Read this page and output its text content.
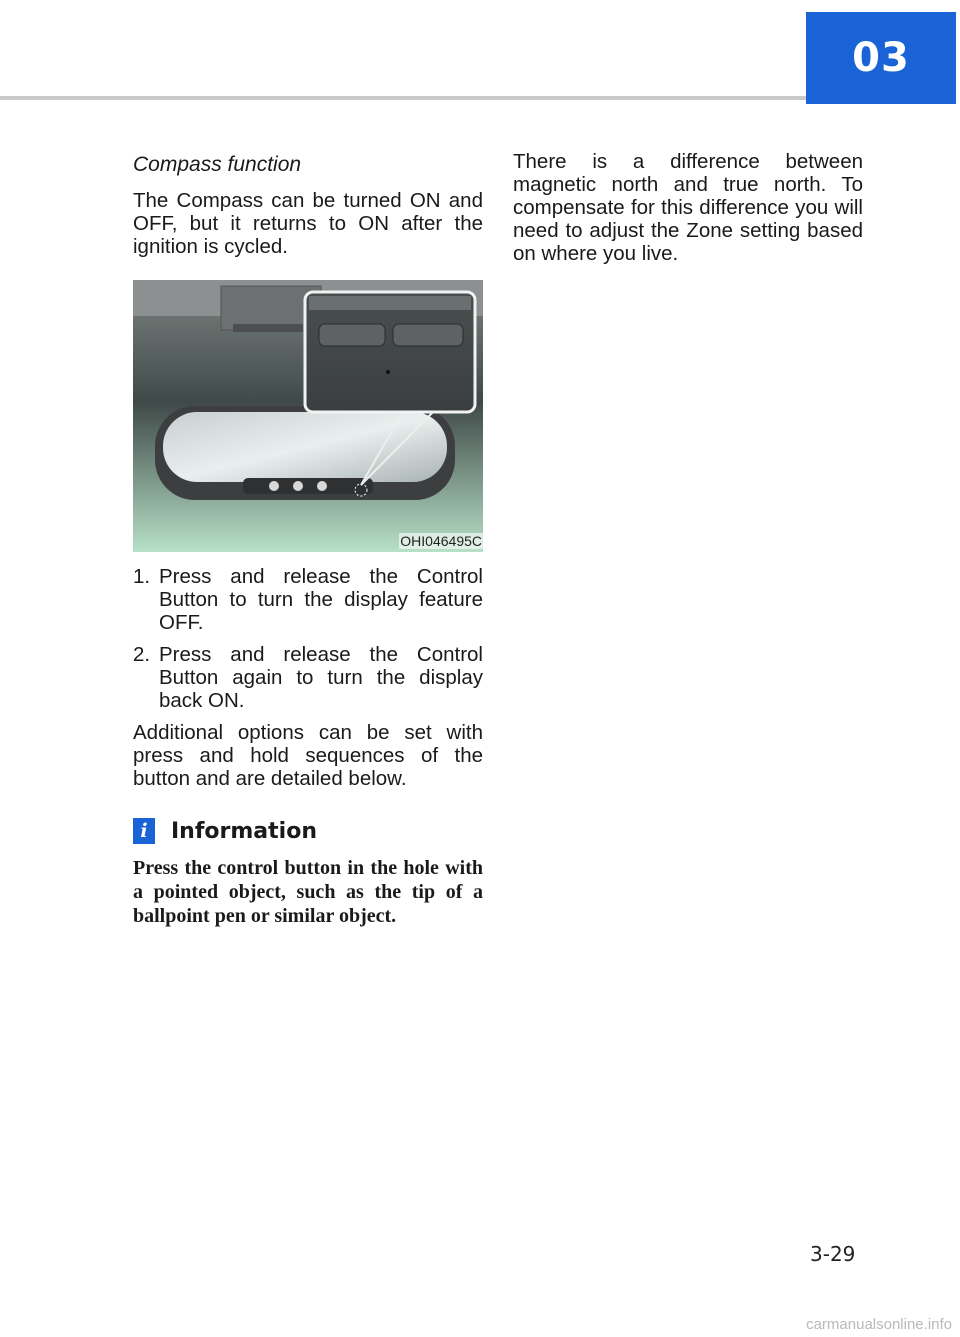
03
Compass function

The Compass can be turned ON and OFF, but it returns to ON after the ignition is cycled.

OHI046495C
1. Press and release the Control Button to turn the display feature OFF.
2. Press and release the Control Button again to turn the display back ON.

Additional options can be set with press and hold sequences of the button and are detailed below.

i	Information
Press the control button in the hole with a pointed object, such as the tip of a ballpoint pen or similar object.

There is a difference between magnetic north and true north. To compensate for this difference you will need to adjust the Zone setting based on where you live.

3-29
carmanualsonline.info
